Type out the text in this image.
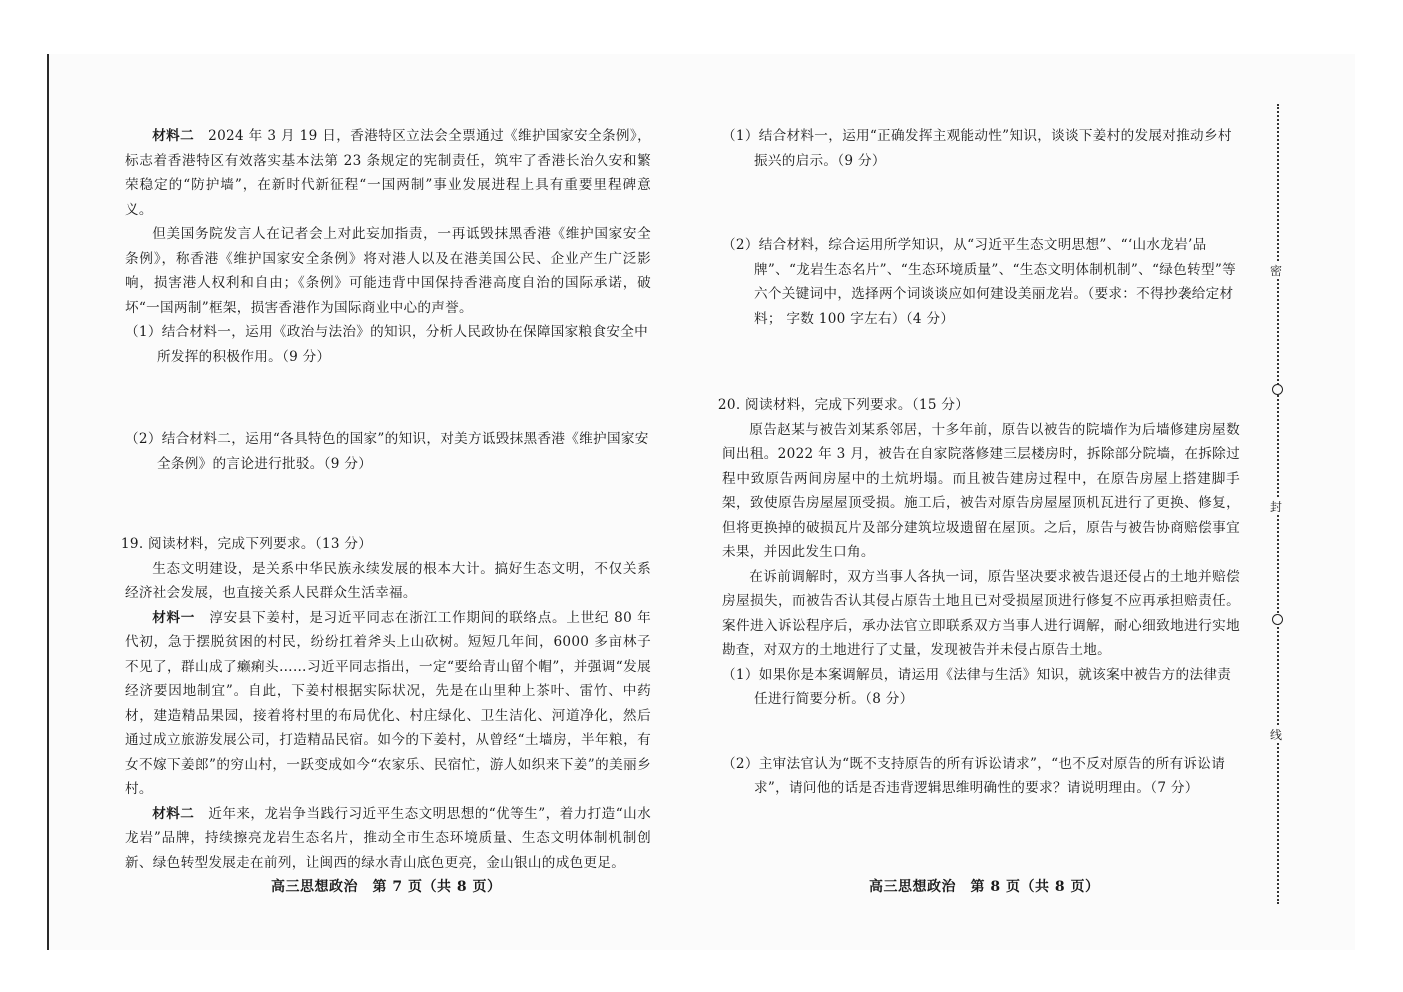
材料二　 2024 年 3 月 19 日，香港特区立法会全票通过《维护国家安全条例》，标志着香港特区有效落实基本法第 23 条规定的宪制责任，筑牢了香港长治久安和繁荣稳定的“防护墙”，在新时代新征程“一国两制”事业发展进程上具有重要里程碑意义。

但美国务院发言人在记者会上对此妄加指责，一再诋毁抹黑香港《维护国家安全条例》，称香港《维护国家安全条例》将对港人以及在港美国公民、企业产生广泛影响，损害港人权利和自由；《条例》可能违背中国保持香港高度自治的国际承诺，破坏“一国两制”框架，损害香港作为国际商业中心的声誉。

（1）结合材料一，运用《政治与法治》的知识，分析人民政协在保障国家粮食安全中所发挥的积极作用。（9 分）

（2）结合材料二，运用“各具特色的国家”的知识，对美方诋毁抹黑香港《维护国家安全条例》的言论进行批驳。（9 分）

19. 阅读材料，完成下列要求。（13 分）

生态文明建设，是关系中华民族永续发展的根本大计。搞好生态文明，不仅关系经济社会发展，也直接关系人民群众生活幸福。

材料一　 淳安县下姜村，是习近平同志在浙江工作期间的联络点。上世纪 80 年代初，急于摆脱贫困的村民，纷纷扛着斧头上山砍树。短短几年间，6000 多亩林子不见了，群山成了癞痢头……习近平同志指出，一定“要给青山留个帽”，并强调“发展经济要因地制宜”。自此，下姜村根据实际状况，先是在山里种上茶叶、雷竹、中药材，建造精品果园，接着将村里的布局优化、村庄绿化、卫生洁化、河道净化，然后通过成立旅游发展公司，打造精品民宿。如今的下姜村，从曾经“土墙房，半年粮，有女不嫁下姜郎”的穷山村，一跃变成如今“农家乐、民宿忙，游人如织来下姜”的美丽乡村。

材料二　 近年来，龙岩争当践行习近平生态文明思想的“优等生”，着力打造“山水龙岩”品牌，持续擦亮龙岩生态名片，推动全市生态环境质量、生态文明体制机制创新、绿色转型发展走在前列，让闽西的绿水青山底色更亮，金山银山的成色更足。

（1）结合材料一，运用“正确发挥主观能动性”知识，谈谈下姜村的发展对推动乡村振兴的启示。（9 分）

（2）结合材料，综合运用所学知识，从“习近平生态文明思想”、“‘山水龙岩’品牌”、“龙岩生态名片”、“生态环境质量”、“生态文明体制机制”、“绿色转型”等六个关键词中，选择两个词谈谈应如何建设美丽龙岩。（要求：不得抄袭给定材料； 字数 100 字左右）（4 分）

20. 阅读材料，完成下列要求。（15 分）

原告赵某与被告刘某系邻居，十多年前，原告以被告的院墙作为后墙修建房屋数间出租。2022 年 3 月，被告在自家院落修建三层楼房时，拆除部分院墙，在拆除过程中致原告两间房屋中的土炕坍塌。而且被告建房过程中，在原告房屋上搭建脚手架，致使原告房屋屋顶受损。施工后，被告对原告房屋屋顶机瓦进行了更换、修复，但将更换掉的破损瓦片及部分建筑垃圾遗留在屋顶。之后，原告与被告协商赔偿事宜未果，并因此发生口角。

在诉前调解时，双方当事人各执一词，原告坚决要求被告退还侵占的土地并赔偿房屋损失，而被告否认其侵占原告土地且已对受损屋顶进行修复不应再承担赔责任。案件进入诉讼程序后，承办法官立即联系双方当事人进行调解，耐心细致地进行实地勘查，对双方的土地进行了丈量，发现被告并未侵占原告土地。

（1）如果你是本案调解员，请运用《法律与生活》知识，就该案中被告方的法律责任进行简要分析。（8 分）

（2）主审法官认为“既不支持原告的所有诉讼请求”，“也不反对原告的所有诉讼请求”，请问他的话是否违背逻辑思维明确性的要求？请说明理由。（7 分）

高三思想政治　第 7 页（共 8 页）	高三思想政治　第 8 页（共 8 页）
密
封
线
